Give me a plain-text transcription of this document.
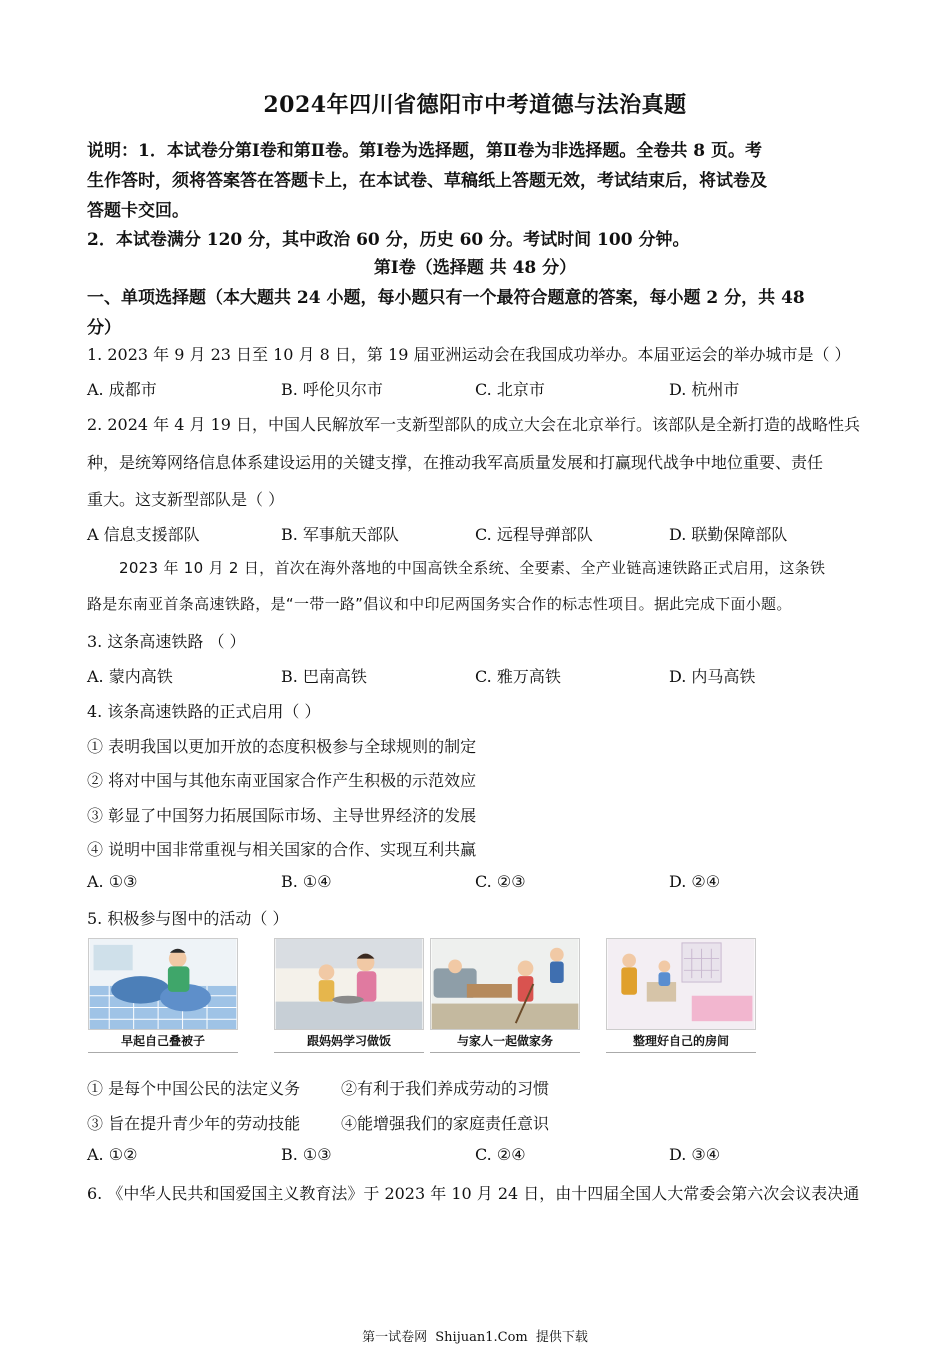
2024年四川省德阳市中考道德与法治真题
说明：1．本试卷分第Ⅰ卷和第Ⅱ卷。第Ⅰ卷为选择题，第Ⅱ卷为非选择题。全卷共 8 页。考
生作答时，须将答案答在答题卡上，在本试卷、草稿纸上答题无效，考试结束后，将试卷及
答题卡交回。
2．本试卷满分 120 分，其中政治 60 分，历史 60 分。考试时间 100 分钟。
第Ⅰ卷（选择题 共 48 分）
一、单项选择题（本大题共 24 小题，每小题只有一个最符合题意的答案，每小题 2 分，共 48
分）
1. 2023 年 9 月 23 日至 10 月 8 日，第 19 届亚洲运动会在我国成功举办。本届亚运会的举办城市是（ ）
A. 成都市	B. 呼伦贝尔市	C. 北京市	D. 杭州市
2. 2024 年 4 月 19 日，中国人民解放军一支新型部队的成立大会在北京举行。该部队是全新打造的战略性兵
种，是统筹网络信息体系建设运用的关键支撑，在推动我军高质量发展和打赢现代战争中地位重要、责任
重大。这支新型部队是（ ）
A 信息支援部队	B. 军事航天部队	C. 远程导弹部队	D. 联勤保障部队
2023 年 10 月 2 日，首次在海外落地的中国高铁全系统、全要素、全产业链高速铁路正式启用，这条铁
路是东南亚首条高速铁路，是“一带一路”倡议和中印尼两国务实合作的标志性项目。据此完成下面小题。
3. 这条高速铁路 （ ）
A. 蒙内高铁	B. 巴南高铁	C. 雅万高铁	D. 内马高铁
4. 该条高速铁路的正式启用（ ）
① 表明我国以更加开放的态度积极参与全球规则的制定
② 将对中国与其他东南亚国家合作产生积极的示范效应
③ 彰显了中国努力拓展国际市场、主导世界经济的发展
④ 说明中国非常重视与相关国家的合作、实现互利共赢
A. ①③	B. ①④	C. ②③	D. ②④
5. 积极参与图中的活动（ ）
早起自己叠被子	跟妈妈学习做饭	与家人一起做家务	整理好自己的房间
① 是每个中国公民的法定义务	②有利于我们养成劳动的习惯
③ 旨在提升青少年的劳动技能	④能增强我们的家庭责任意识
A. ①②	B. ①③	C. ②④	D. ③④
6. 《中华人民共和国爱国主义教育法》于 2023 年 10 月 24 日，由十四届全国人大常委会第六次会议表决通
第一试卷网 Shijuan1.Com 提供下载
